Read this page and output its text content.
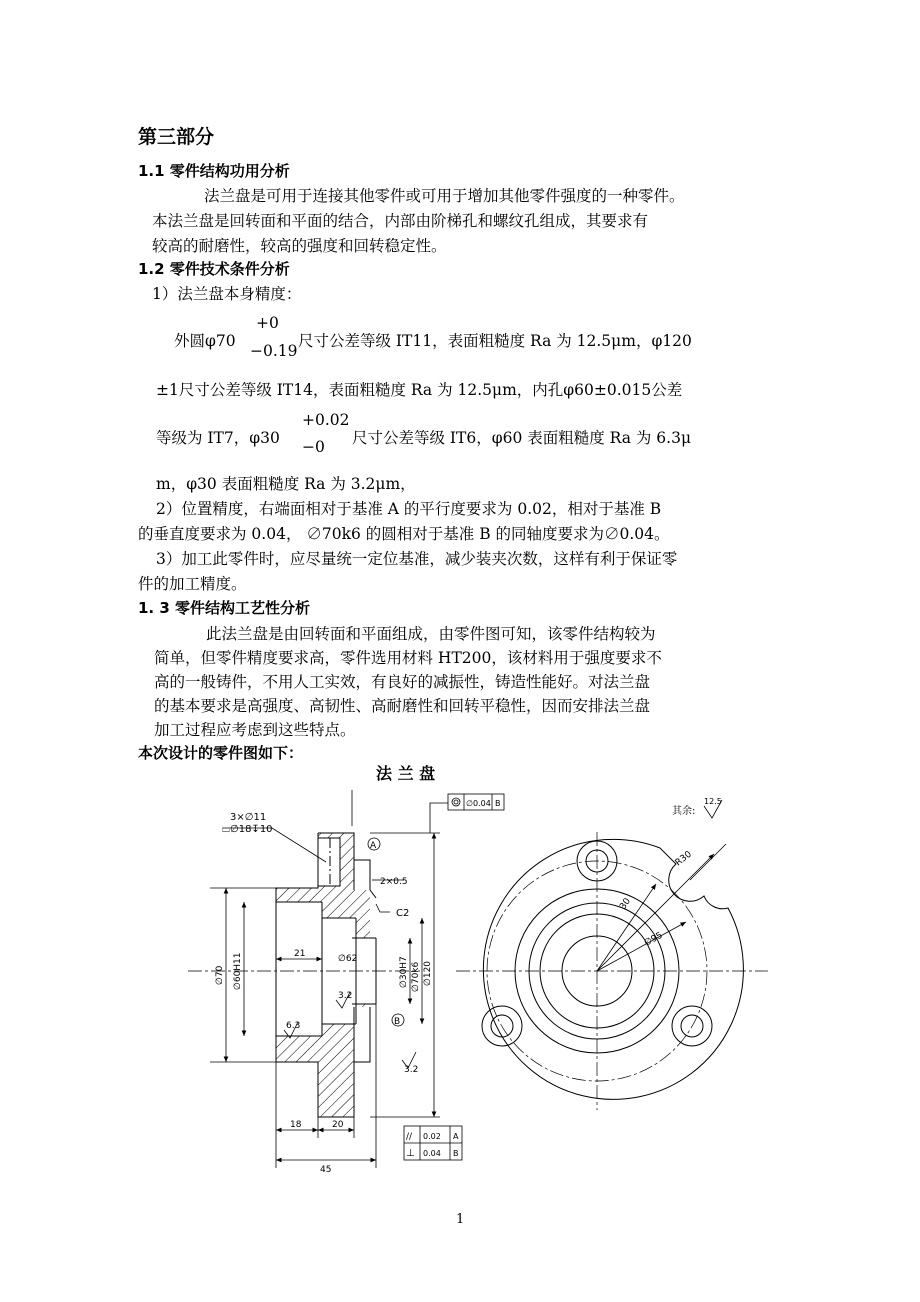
第三部分
1.1 零件结构功用分析
法兰盘是可用于连接其他零件或可用于增加其他零件强度的一种零件。
本法兰盘是回转面和平面的结合，内部由阶梯孔和螺纹孔组成，其要求有
较高的耐磨性，较高的强度和回转稳定性。
1.2 零件技术条件分析
1）法兰盘本身精度：
外圆φ70
+0
−0.19
尺寸公差等级 IT11，表面粗糙度 Ra 为 12.5μm，φ120
±1尺寸公差等级 IT14，表面粗糙度 Ra 为 12.5μm，内孔φ60±0.015公差
等级为 IT7，φ30
+0.02
−0 尺寸公差等级 IT6，φ60 表面粗糙度 Ra 为 6.3μ
m，φ30 表面粗糙度 Ra 为 3.2μm，
2）位置精度，右端面相对于基准 A 的平行度要求为 0.02，相对于基准 B
的垂直度要求为 0.04， ∅70k6 的圆相对于基准 B 的同轴度要求为∅0.04。
3）加工此零件时，应尽量统一定位基准，减少装夹次数，这样有利于保证零
件的加工精度。
1. 3 零件结构工艺性分析
此法兰盘是由回转面和平面组成，由零件图可知，该零件结构较为
简单，但零件精度要求高，零件选用材料 HT200，该材料用于强度要求不
高的一般铸件，不用人工实效，有良好的减振性，铸造性能好。对法兰盘
的基本要求是高强度、高韧性、高耐磨性和回转平稳性，因而安排法兰盘
加工过程应考虑到这些特点。
本次设计的零件图如下：
法 兰 盘
3×∅11
⌴∅18↧10
A
B
2×0.5
C2
21	∅62
∅70 ∅60H11	∅30H7 ∅70k6 ∅120
3.2
6.3
3.2
18	20
45
∅0.04 B
// 0.02 A
⊥ 0.04 B
30
∅95
R30
其余:
12.5
1
